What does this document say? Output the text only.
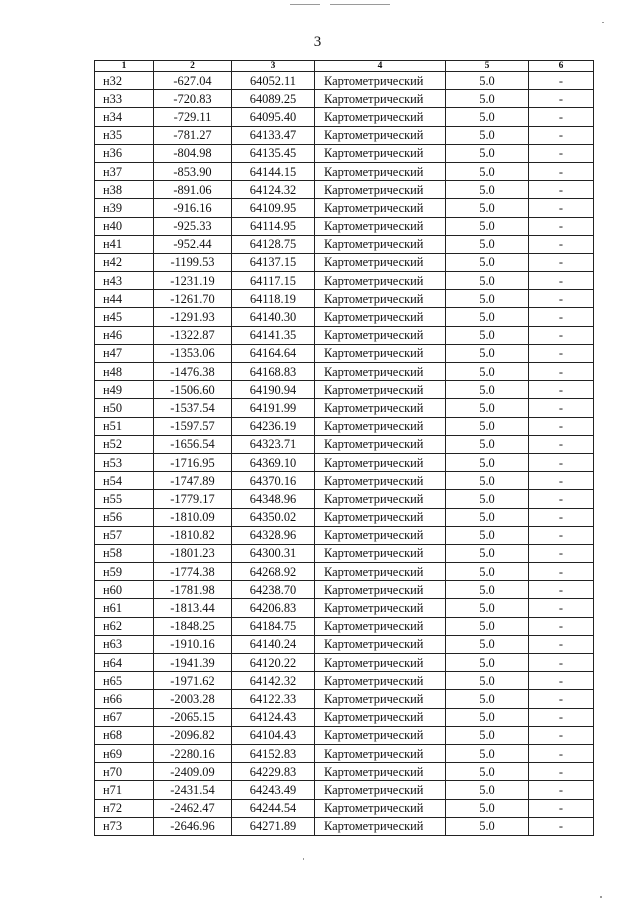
3
1	2	3	4	5	6
н32	-627.04	64052.11	Картометрический	5.0	-
н33	-720.83	64089.25	Картометрический	5.0	-
н34	-729.11	64095.40	Картометрический	5.0	-
н35	-781.27	64133.47	Картометрический	5.0	-
н36	-804.98	64135.45	Картометрический	5.0	-
н37	-853.90	64144.15	Картометрический	5.0	-
н38	-891.06	64124.32	Картометрический	5.0	-
н39	-916.16	64109.95	Картометрический	5.0	-
н40	-925.33	64114.95	Картометрический	5.0	-
н41	-952.44	64128.75	Картометрический	5.0	-
н42	-1199.53	64137.15	Картометрический	5.0	-
н43	-1231.19	64117.15	Картометрический	5.0	-
н44	-1261.70	64118.19	Картометрический	5.0	-
н45	-1291.93	64140.30	Картометрический	5.0	-
н46	-1322.87	64141.35	Картометрический	5.0	-
н47	-1353.06	64164.64	Картометрический	5.0	-
н48	-1476.38	64168.83	Картометрический	5.0	-
н49	-1506.60	64190.94	Картометрический	5.0	-
н50	-1537.54	64191.99	Картометрический	5.0	-
н51	-1597.57	64236.19	Картометрический	5.0	-
н52	-1656.54	64323.71	Картометрический	5.0	-
н53	-1716.95	64369.10	Картометрический	5.0	-
н54	-1747.89	64370.16	Картометрический	5.0	-
н55	-1779.17	64348.96	Картометрический	5.0	-
н56	-1810.09	64350.02	Картометрический	5.0	-
н57	-1810.82	64328.96	Картометрический	5.0	-
н58	-1801.23	64300.31	Картометрический	5.0	-
н59	-1774.38	64268.92	Картометрический	5.0	-
н60	-1781.98	64238.70	Картометрический	5.0	-
н61	-1813.44	64206.83	Картометрический	5.0	-
н62	-1848.25	64184.75	Картометрический	5.0	-
н63	-1910.16	64140.24	Картометрический	5.0	-
н64	-1941.39	64120.22	Картометрический	5.0	-
н65	-1971.62	64142.32	Картометрический	5.0	-
н66	-2003.28	64122.33	Картометрический	5.0	-
н67	-2065.15	64124.43	Картометрический	5.0	-
н68	-2096.82	64104.43	Картометрический	5.0	-
н69	-2280.16	64152.83	Картометрический	5.0	-
н70	-2409.09	64229.83	Картометрический	5.0	-
н71	-2431.54	64243.49	Картометрический	5.0	-
н72	-2462.47	64244.54	Картометрический	5.0	-
н73	-2646.96	64271.89	Картометрический	5.0	-
